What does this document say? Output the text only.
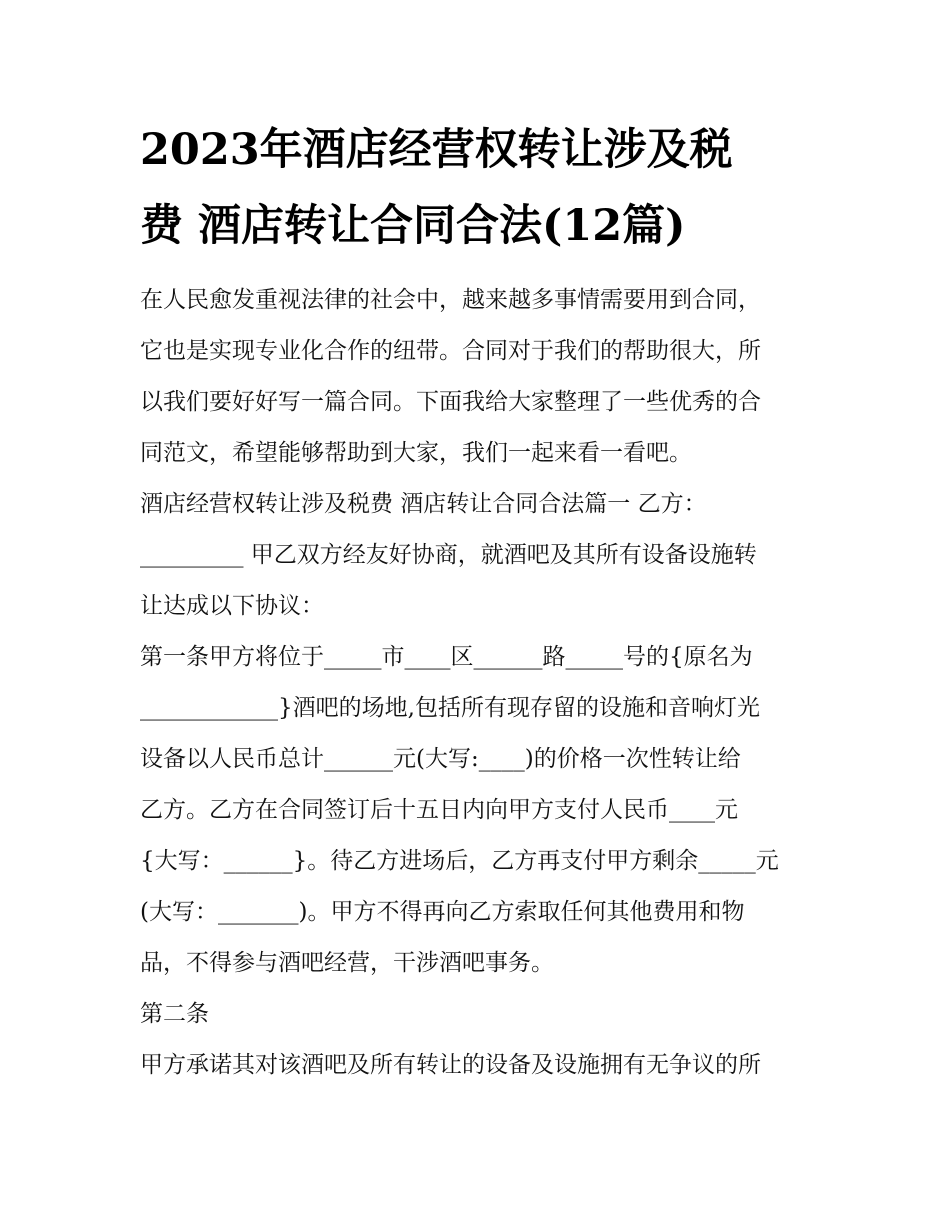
2023年酒店经营权转让涉及税
费 酒店转让合同合法(12篇)
在人民愈发重视法律的社会中，越来越多事情需要用到合同，
它也是实现专业化合作的纽带。合同对于我们的帮助很大，所
以我们要好好写一篇合同。下面我给大家整理了一些优秀的合
同范文，希望能够帮助到大家，我们一起来看一看吧。
酒店经营权转让涉及税费 酒店转让合同合法篇一 乙方：
_________ 甲乙双方经友好协商，就酒吧及其所有设备设施转
让达成以下协议：
第一条甲方将位于_____市____区______路_____号的{原名为
____________}酒吧的场地,包括所有现存留的设施和音响灯光
设备以人民币总计______元(大写:____)的价格一次性转让给
乙方。乙方在合同签订后十五日内向甲方支付人民币____元
{大写：______}。待乙方进场后，乙方再支付甲方剩余_____元
(大写：_______)。甲方不得再向乙方索取任何其他费用和物
品，不得参与酒吧经营，干涉酒吧事务。
第二条
甲方承诺其对该酒吧及所有转让的设备及设施拥有无争议的所
